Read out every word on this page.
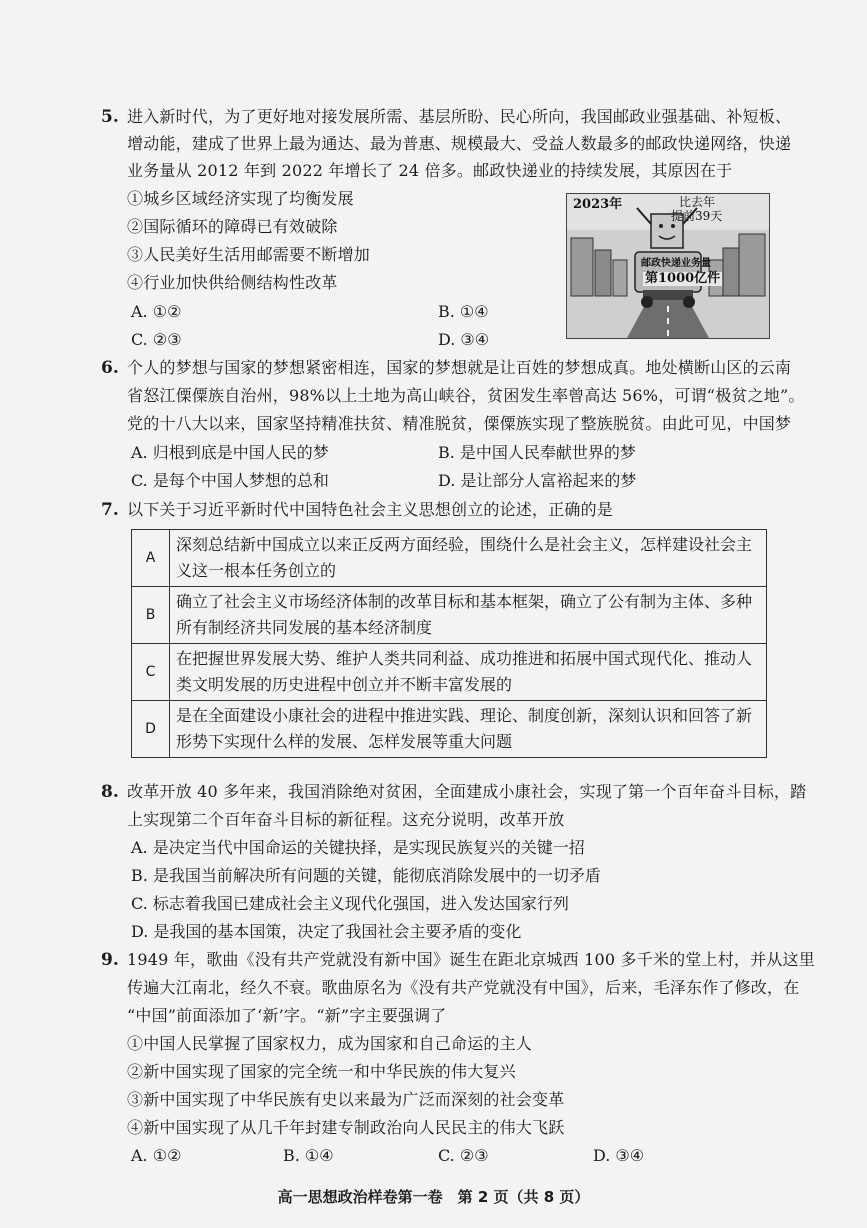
5. 进入新时代，为了更好地对接发展所需、基层所盼、民心所向，我国邮政业强基础、补短板、
增动能，建成了世界上最为通达、最为普惠、规模最大、受益人数最多的邮政快递网络，快递
业务量从 2012 年到 2022 年增长了 24 倍多。邮政快递业的持续发展，其原因在于
①城乡区域经济实现了均衡发展
②国际循环的障碍已有效破除
③人民美好生活用邮需要不断增加
④行业加快供给侧结构性改革
A. ①②	B. ①④
C. ②③	D. ③④
2023年	比去年
提前39天
邮政快递业务量
第1000亿件
6. 个人的梦想与国家的梦想紧密相连，国家的梦想就是让百姓的梦想成真。地处横断山区的云南
省怒江傈僳族自治州，98%以上土地为高山峡谷，贫困发生率曾高达 56%，可谓“极贫之地”。
党的十八大以来，国家坚持精准扶贫、精准脱贫，傈僳族实现了整族脱贫。由此可见，中国梦
A. 归根到底是中国人民的梦	B. 是中国人民奉献世界的梦
C. 是每个中国人梦想的总和	D. 是让部分人富裕起来的梦
7. 以下关于习近平新时代中国特色社会主义思想创立的论述，正确的是
A	深刻总结新中国成立以来正反两方面经验，围绕什么是社会主义，怎样建设社会主义这一根本任务创立的
B	确立了社会主义市场经济体制的改革目标和基本框架，确立了公有制为主体、多种所有制经济共同发展的基本经济制度
C	在把握世界发展大势、维护人类共同利益、成功推进和拓展中国式现代化、推动人类文明发展的历史进程中创立并不断丰富发展的
D	是在全面建设小康社会的进程中推进实践、理论、制度创新，深刻认识和回答了新形势下实现什么样的发展、怎样发展等重大问题
8. 改革开放 40 多年来，我国消除绝对贫困，全面建成小康社会，实现了第一个百年奋斗目标，踏
上实现第二个百年奋斗目标的新征程。这充分说明，改革开放
A. 是决定当代中国命运的关键抉择，是实现民族复兴的关键一招
B. 是我国当前解决所有问题的关键，能彻底消除发展中的一切矛盾
C. 标志着我国已建成社会主义现代化强国，进入发达国家行列
D. 是我国的基本国策，决定了我国社会主要矛盾的变化
9. 1949 年，歌曲《没有共产党就没有新中国》诞生在距北京城西 100 多千米的堂上村，并从这里
传遍大江南北，经久不衰。歌曲原名为《没有共产党就没有中国》，后来，毛泽东作了修改，在
“中国”前面添加了‘新’字。“新”字主要强调了
①中国人民掌握了国家权力，成为国家和自己命运的主人
②新中国实现了国家的完全统一和中华民族的伟大复兴
③新中国实现了中华民族有史以来最为广泛而深刻的社会变革
④新中国实现了从几千年封建专制政治向人民民主的伟大飞跃
A. ①②	B. ①④	C. ②③	D. ③④
高一思想政治样卷第一卷　第 2 页（共 8 页）
